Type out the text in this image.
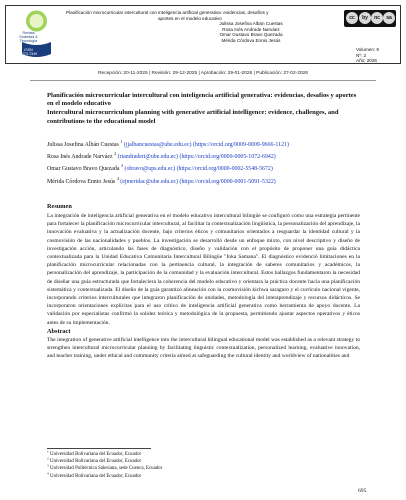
Revista
Sociedad &
Tecnología
ISSN
2773-7349
Planificación microcurricular intercultural con inteligencia artificial generativa: evidencias, desafíos y
aportes en el modelo educativo
Julissa Josefina Albán Cuestas
Rosa Inés Andrade Narváez
Omar Gustavo Bravo Quezada
Mérida Córdova Ennio Jesús
cc	by	nc	sa
Volumen: 9
Nº: 2
Año: 2026
Recepción: 20-11-2025 | Revisión: 29-12-2025 | Aprobación: 29-01-2026 | Publicación: 27-02-2026
Planificación microcurricular intercultural con inteligencia artificial generativa: evidencias, desafíos y aportes en el modelo educativo
Intercultural microcurriculum planning with generative artificial intelligence: evidence, challenges, and contributions to the educational model
Julissa Josefina Albán Cuestas $^1$ (jjalbancuestas@ube.edu.ec) (https://orcid.org/0009-0009-9666-1121)
Rosa Inés Andrade Narváez $^2$ (riandraderi@ube.edu.ec) (https://orcid.org/0009-0005-1072-6942)
Omar Gustavo Bravo Quezada $^3$ (obravo@ups.edu.ec) (https://orcid.org/0000-0002-5548-5672)
Mérida Córdova Ennio Jesús $^4$ (ejmeridac@ube.edu.ec) (https://orcid.org/0000-0001-5091-5322)
Resumen

La integración de inteligencia artificial generativa en el modelo educativo intercultural bilingüe se configuró como una estrategia pertinente para fortalecer la planificación microcurricular intercultural, al facilitar la contextualización lingüística, la personalización del aprendizaje, la innovación evaluativa y la actualización docente, bajo criterios éticos y comunitarios orientados a resguardar la identidad cultural y la cosmovisión de las nacionalidades y pueblos. La investigación se desarrolló desde un enfoque mixto, con nivel descriptivo y diseño de investigación acción, articulando las fases de diagnóstico, diseño y validación con el propósito de proponer una guía didáctica contextualizada para la Unidad Educativa Comunitaria Intercultural Bilingüe "Inka Samana". El diagnóstico evidenció limitaciones en la planificación microcurricular relacionadas con la pertinencia cultural, la integración de saberes comunitarios y académicos, la personalización del aprendizaje, la participación de la comunidad y la evaluación intercultural. Estos hallazgos fundamentaron la necesidad de diseñar una guía estructurada que fortaleciera la coherencia del modelo educativo y orientara la práctica docente hacia una planificación sistemática y contextualizada. El diseño de la guía garantizó alineación con la cosmovisión kichwa saraguro y el currículo nacional vigente, incorporando criterios interculturales que integraron planificación de unidades, metodología del interaprendizaje y recursos didácticos. Se incorporaron orientaciones explícitas para el uso crítico de inteligencia artificial generativa como herramienta de apoyo docente. La validación por especialistas confirmó la solidez teórica y metodológica de la propuesta, permitiendo ajustar aspectos operativos y éticos antes de su implementación.

Abstract

The integration of generative artificial intelligence into the intercultural bilingual educational model was established as a relevant strategy to strengthen intercultural microcurricular planning by facilitating linguistic contextualization, personalized learning, evaluative innovation, and teacher training, under ethical and community criteria aimed at safeguarding the cultural identity and worldview of nationalities and

$^1$ Universidad Bolivariana del Ecuador, Ecuador
$^2$ Universidad Bolivariana del Ecuador, Ecuador
$^3$ Universidad Politécnica Salesiana, sede Cuenca, Ecuador
$^4$ Universidad Bolivariana del Ecuador, Ecuador
695
